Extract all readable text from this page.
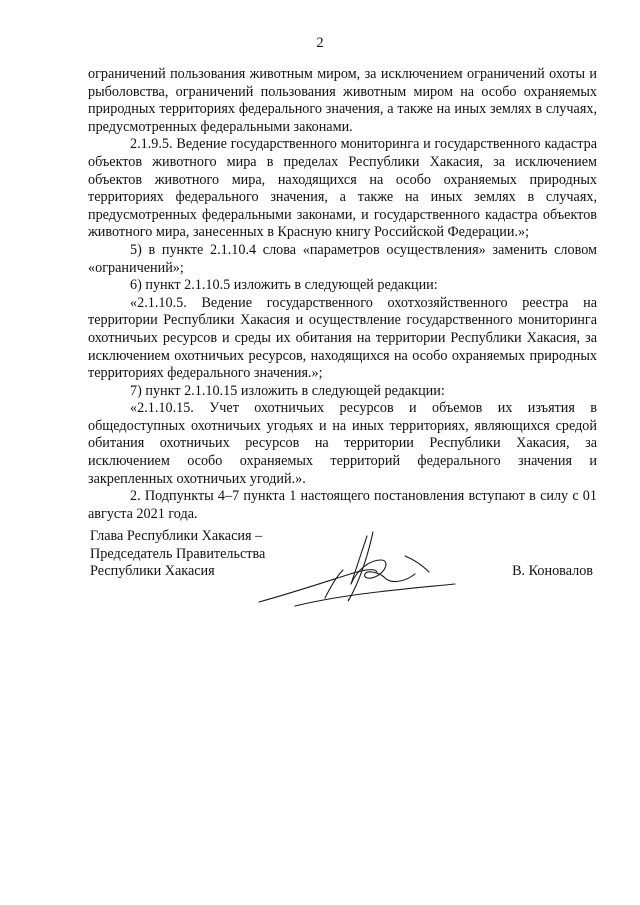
2

ограничений пользования животным миром, за исключением ограничений охоты и рыболовства, ограничений пользования животным миром на особо охраняемых природных территориях федерального значения, а также на иных землях в случаях, предусмотренных федеральными законами.

2.1.9.5. Ведение государственного мониторинга и государственного кадастра объектов животного мира в пределах Республики Хакасия, за исключением объектов животного мира, находящихся на особо охраняемых природных территориях федерального значения, а также на иных землях в случаях, предусмотренных федеральными законами, и государственного кадастра объектов животного мира, занесенных в Красную книгу Российской Федерации.»;

5) в пункте 2.1.10.4 слова «параметров осуществления» заменить словом «ограничений»;

6) пункт 2.1.10.5 изложить в следующей редакции:

«2.1.10.5. Ведение государственного охотхозяйственного реестра на территории Республики Хакасия и осуществление государственного мониторинга охотничьих ресурсов и среды их обитания на территории Республики Хакасия, за исключением охотничьих ресурсов, находящихся на особо охраняемых природных территориях федерального значения.»;

7) пункт 2.1.10.15 изложить в следующей редакции:

«2.1.10.15. Учет охотничьих ресурсов и объемов их изъятия в общедоступных охотничьих угодьях и на иных территориях, являющихся средой обитания охотничьих ресурсов на территории Республики Хакасия, за исключением особо охраняемых территорий федерального значения и закрепленных охотничьих угодий.».

2. Подпункты 4–7 пункта 1 настоящего постановления вступают в силу с 01 августа 2021 года.

Глава Республики Хакасия –
Председатель Правительства
Республики Хакасия	В. Коновалов
